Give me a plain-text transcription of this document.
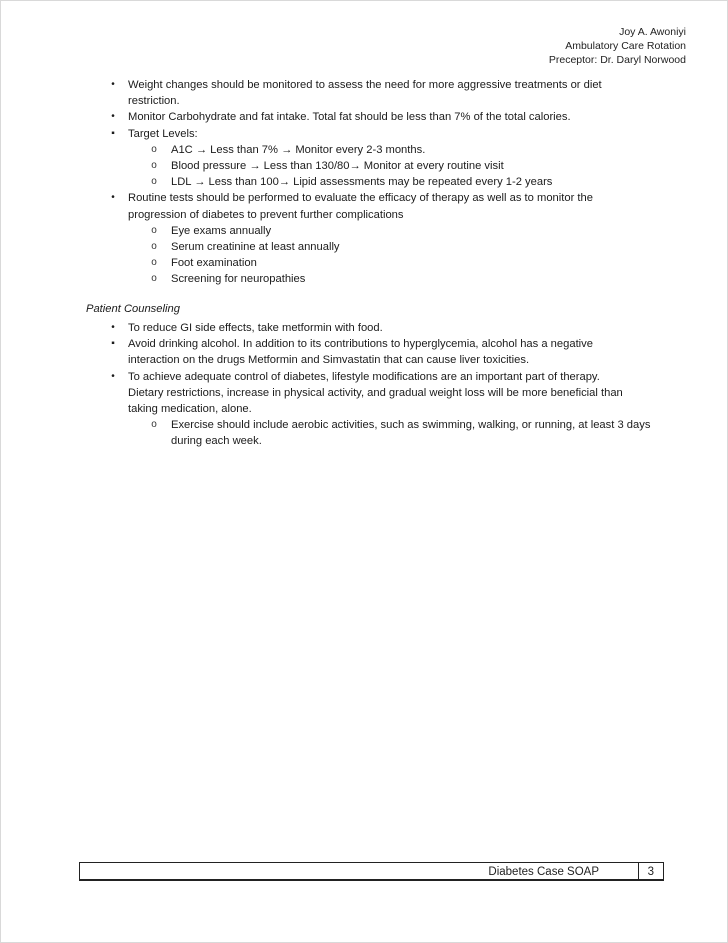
Joy A. Awoniyi
Ambulatory Care Rotation
Preceptor: Dr. Daryl Norwood
•	Weight changes should be monitored to assess the need for more aggressive treatments or diet
restriction.
•	Monitor Carbohydrate and fat intake. Total fat should be less than 7% of the total calories.
▪	Target Levels:
o A1C → Less than 7% → Monitor every 2-3 months.
o Blood pressure → Less than 130/80→ Monitor at every routine visit
o LDL → Less than 100→ Lipid assessments may be repeated every 1-2 years
•	Routine tests should be performed to evaluate the efficacy of therapy as well as to monitor the
progression of diabetes to prevent further complications
o Eye exams annually
o Serum creatinine at least annually
o Foot examination
o Screening for neuropathies
Patient Counseling
•	To reduce GI side effects, take metformin with food.
▪	Avoid drinking alcohol. In addition to its contributions to hyperglycemia, alcohol has a negative
interaction on the drugs Metformin and Simvastatin that can cause liver toxicities.
•	To achieve adequate control of diabetes, lifestyle modifications are an important part of therapy.
Dietary restrictions, increase in physical activity, and gradual weight loss will be more beneficial than
taking medication, alone.
o Exercise should include aerobic activities, such as swimming, walking, or running, at least 3 days
during each week.
Diabetes Case SOAP	3
